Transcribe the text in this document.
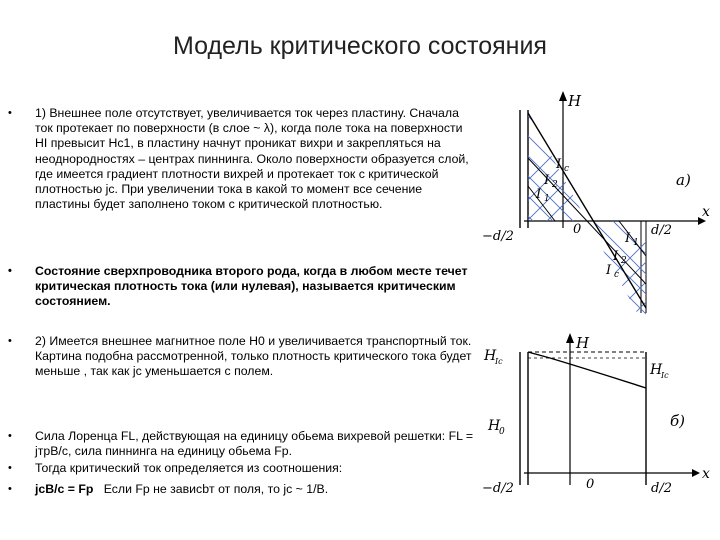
Модель критического состояния
•	1) Внешнее поле отсутствует, увеличивается ток через пластину. Сначала ток протекает по поверхности (в слое ~ λ), когда поле тока на поверхности HI превысит Hc1, в пластину начнут проникат вихри и закрепляться на неоднородностях – центрах пиннинга. Около поверхности образуется слой, где имеется градиент плотности вихрей и протекает ток с критической плотностью jc. При увеличении тока в какой то момент все сечение пластины будет заполнено током с критической плотностью.
•	Состояние сверхпроводника второго рода, когда в любом месте течет критическая плотность тока (или нулевая), называется критическим состоянием.
•	2) Имеется внешнее магнитное поле H0 и увеличивается транспортный ток. Картина подобна рассмотренной, только плотность критического тока будет меньше , так как jc уменьшается с полем.
•	Сила Лоренца FL, действующая на единицу обьема вихревой решетки: FL = jтрB/c, сила пиннинга на единицу обьема Fp.
•	Тогда критический ток определяется из соотношения:
•	jcB/c = Fp Если Fp не зависbт от поля, то jc ~ 1/B.
H
x
a)
−d/2	d/2
0
I c
I 2
I 1
I 1
I 2
I c
H
x
б)
−d/2	d/2
0
H
0
H
Ic
H
Ic
